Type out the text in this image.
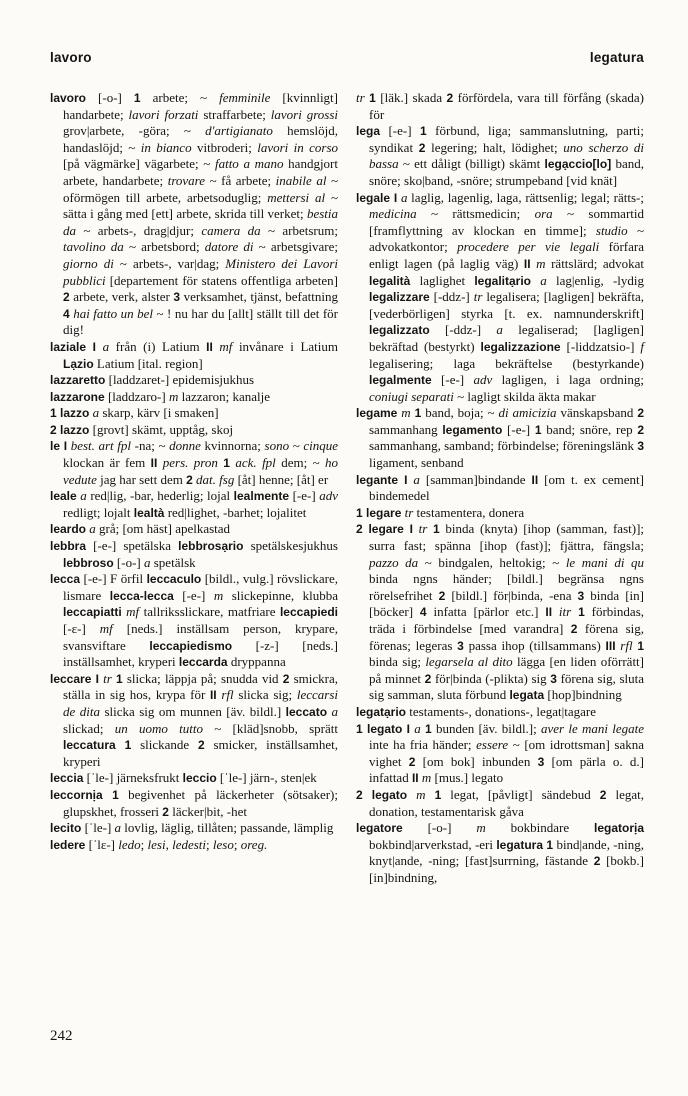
lavoro	legatura
lavoro [-o-] 1 arbete; ~ femminile [kvinnligt] handarbete; lavori forzati straffarbete; lavori grossi grov|arbete, -göra; ~ d'artigianato hemslöjd, handaslöjd; ~ in bianco vitbroderi; lavori in corso [på vägmärke] vägarbete; ~ fatto a mano handgjort arbete, handarbete; trovare ~ få arbete; inabile al ~ oförmögen till arbete, arbetsoduglig; mettersi al ~ sätta i gång med [ett] arbete, skrida till verket; bestia da ~ arbets-, drag|djur; camera da ~ arbetsrum; tavolino da ~ arbetsbord; datore di ~ arbetsgivare; giorno di ~ arbets-, var|dag; Ministero dei Lavori pubblici [departement för statens offentliga arbeten] 2 arbete, verk, alster 3 verksamhet, tjänst, befattning 4 hai fatto un bel ~ ! nu har du [allt] ställt till det för dig!
laziale I a från (i) Latium II mf invånare i Latium Lạzio Latium [ital. region]
lazzaretto [laddzaret-] epidemisjukhus
lazzarone [laddzaro-] m lazzaron; kanalje
1 lazzo a skarp, kärv [i smaken]
2 lazzo [grovt] skämt, upptåg, skoj
le I best. art fpl -na; ~ donne kvinnorna; sono ~ cinque klockan är fem II pers. pron 1 ack. fpl dem; ~ ho vedute jag har sett dem 2 dat. fsg [åt] henne; [åt] er
leale a red|lig, -bar, hederlig; lojal lealmente [-e-] adv redligt; lojalt lealtà red|lighet, -barhet; lojalitet
leardo a grå; [om häst] apelkastad
lebbra [-e-] spetälska lebbrosạrio spetälskesjukhus lebbroso [-o-] a spetälsk
lecca [-e-] F örfil leccaculo [bildl., vulg.] rövslickare, lismare lecca-lecca [-e-] m slickepinne, klubba leccapiatti mf tallriksslickare, matfriare leccapiedi [-ε-] mf [neds.] inställsam person, krypare, svansviftare leccapiedismo [-z-] [neds.] inställsamhet, kryperi leccarda dryppanna
leccare I tr 1 slicka; läppja på; snudda vid 2 smickra, ställa in sig hos, krypa för II rfl slicka sig; leccarsi de dita slicka sig om munnen [äv. bildl.] leccato a slickad; un uomo tutto ~ [kläd]snobb, sprätt leccatura 1 slickande 2 smicker, inställsamhet, kryperi
leccia [ˈle-] järneksfrukt leccio [ˈle-] järn-, sten|ek
leccornịa 1 begivenhet på läckerheter (sötsaker); glupskhet, frosseri 2 läcker|bit, -het
lecito [ˈle-] a lovlig, läglig, tillåten; passande, lämplig
ledere [ˈlε-] ledo; lesi, ledesti; leso; oreg.
tr 1 [läk.] skada 2 förfördela, vara till förfång (skada) för
lega [-e-] 1 förbund, liga; sammanslutning, parti; syndikat 2 legering; halt, lödighet; uno scherzo di bassa ~ ett dåligt (billigt) skämt legạccio[lo] band, snöre; sko|band, -snöre; strumpeband [vid knät]
legale I a laglig, lagenlig, laga, rättsenlig; legal; rätts-; medicina ~ rättsmedicin; ora ~ sommartid [framflyttning av klockan en timme]; studio ~ advokatkontor; procedere per vie legali förfara enligt lagen (på laglig väg) II m rättslärd; advokat legalità laglighet legalitạrio a lag|enlig, -lydig legalizzare [-ddz-] tr legalisera; [lagligen] bekräfta, [vederbörligen] styrka [t. ex. namnunderskrift] legalizzato [-ddz-] a legaliserad; [lagligen] bekräftad (bestyrkt) legalizzazione [-liddzatsio-] f legalisering; laga bekräftelse (bestyrkande) legalmente [-e-] adv lagligen, i laga ordning; coniugi separati ~ lagligt skilda äkta makar
legame m 1 band, boja; ~ di amicizia vänskapsband 2 sammanhang legamento [-e-] 1 band; snöre, rep 2 sammanhang, samband; förbindelse; föreningslänk 3 ligament, senband
legante I a [samman]bindande II [om t. ex cement] bindemedel
1 legare tr testamentera, donera
2 legare I tr 1 binda (knyta) [ihop (samman, fast)]; surra fast; spänna [ihop (fast)]; fjättra, fängsla; pazzo da ~ bindgalen, heltokig; ~ le mani di qu binda ngns händer; [bildl.] begränsa ngns rörelsefrihet 2 [bildl.] för|binda, -ena 3 binda [in] [böcker] 4 infatta [pärlor etc.] II itr 1 förbindas, träda i förbindelse [med varandra] 2 förena sig, förenas; legeras 3 passa ihop (tillsammans) III rfl 1 binda sig; legarsela al dito lägga [en liden oförrätt] på minnet 2 för|binda (-plikta) sig 3 förena sig, sluta sig samman, sluta förbund legata [hop]bindning
legatạrio testaments-, donations-, legat|tagare
1 legato I a 1 bunden [äv. bildl.]; aver le mani legate inte ha fria händer; essere ~ [om idrottsman] sakna vighet 2 [om bok] inbunden 3 [om pärla o. d.] infattad II m [mus.] legato
2 legato m 1 legat, [påvligt] sändebud 2 legat, donation, testamentarisk gåva
legatore [-o-] m bokbindare legatorịa bokbind|arverkstad, -eri legatura 1 bind|ande, -ning, knyt|ande, -ning; [fast]surrning, fästande 2 [bokb.] [in]bindning,
242
